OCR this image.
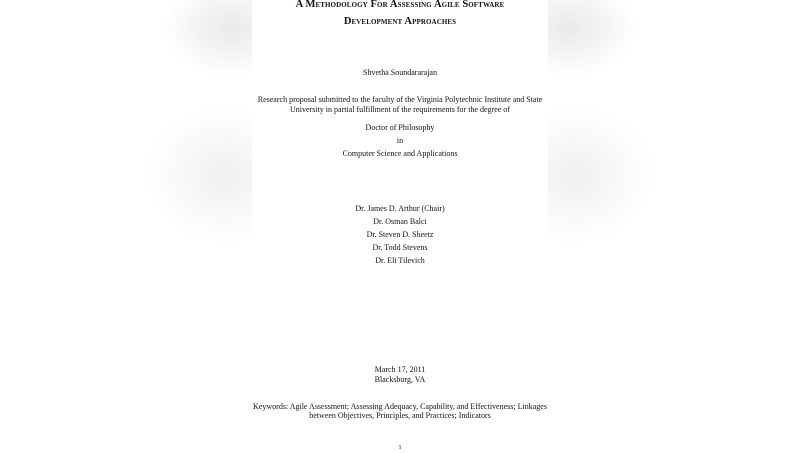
A Methodology For Assessing Agile Software
Development Approaches
Shvetha Soundararajan
Research proposal submitted to the faculty of the Virginia Polytechnic Institute and State
University in partial fulfillment of the requirements for the degree of
Doctor of Philosophy
in
Computer Science and Applications
Dr. James D. Arthur (Chair)
Dr. Osman Balci
Dr. Steven D. Sheetz
Dr. Todd Stevens
Dr. Eli Tilevich
March 17, 2011
Blacksburg, VA
Keywords: Agile Assessment; Assessing Adequacy, Capability, and Effectiveness; Linkages
between Objectives, Principles, and Practices; Indicators
1
